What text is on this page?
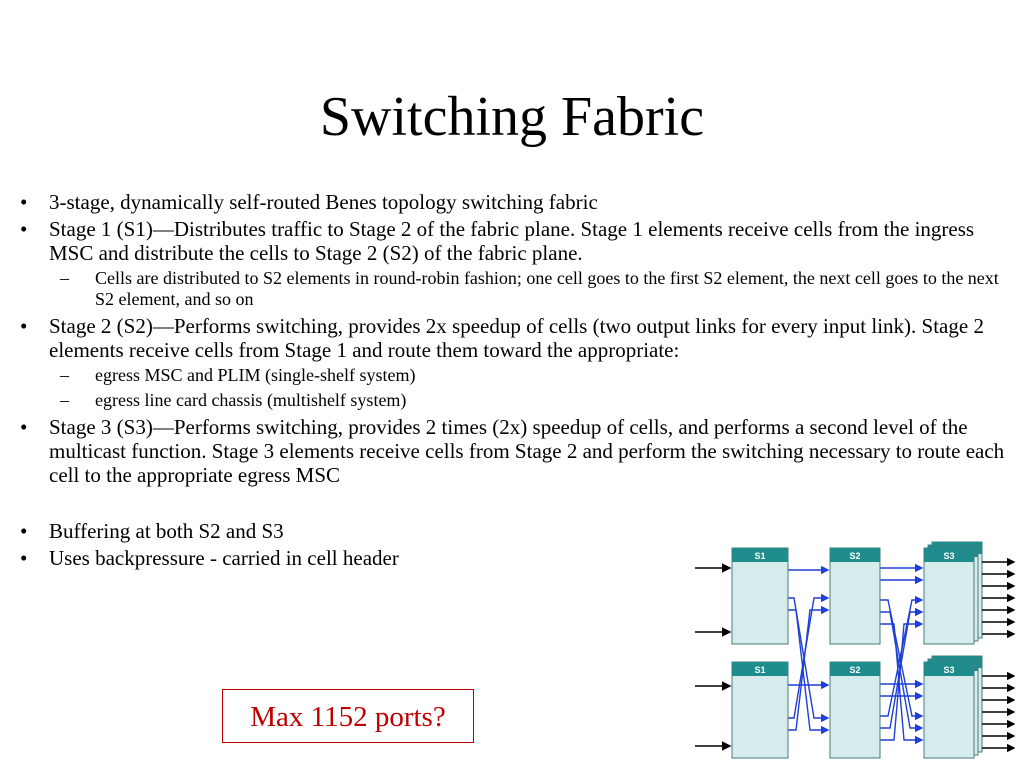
Switching Fabric
• 3-stage, dynamically self-routed Benes topology switching fabric
• Stage 1 (S1)—Distributes traffic to Stage 2 of the fabric plane. Stage 1 elements receive cells from the ingress MSC and distribute the cells to Stage 2 (S2) of the fabric plane.
– Cells are distributed to S2 elements in round-robin fashion; one cell goes to the first S2 element, the next cell goes to the next S2 element, and so on
• Stage 2 (S2)—Performs switching, provides 2x speedup of cells (two output links for every input link). Stage 2 elements receive cells from Stage 1 and route them toward the appropriate:
– egress MSC and PLIM (single-shelf system)
– egress line card chassis (multishelf system)
• Stage 3 (S3)—Performs switching, provides 2 times (2x) speedup of cells, and performs a second level of the multicast function. Stage 3 elements receive cells from Stage 2 and perform the switching necessary to route each cell to the appropriate egress MSC
• Buffering at both S2 and S3
• Uses backpressure - carried in cell header
Max 1152 ports?
S1
S1
S2
S2
S3
S3
